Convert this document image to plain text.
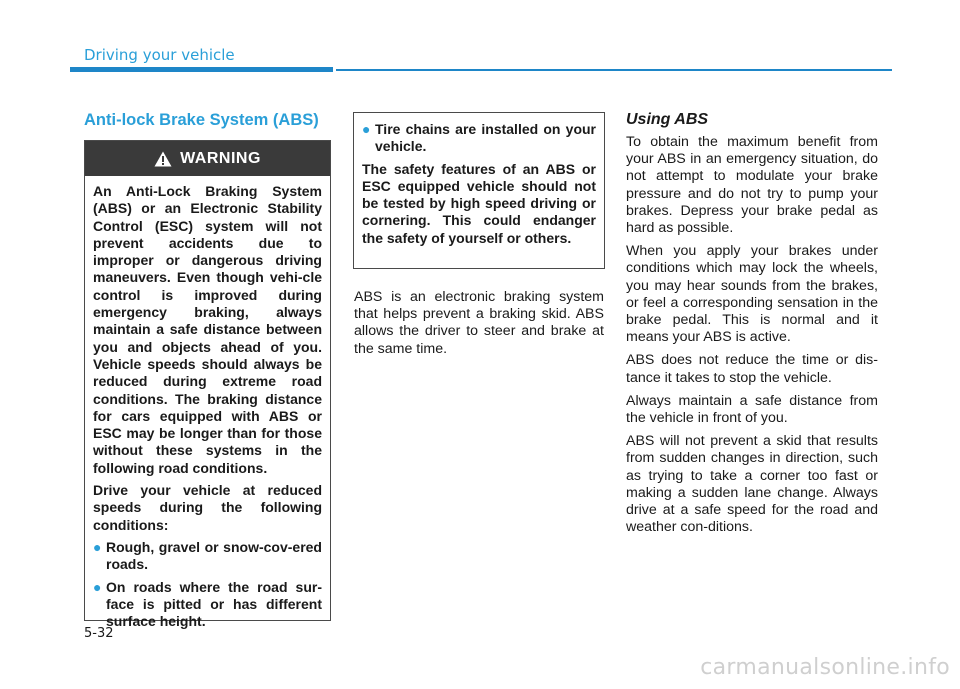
Driving your vehicle
Anti-lock Brake System (ABS)
WARNING

An Anti-Lock Braking System (ABS) or an Electronic Stability Control (ESC) system will not prevent accidents due to improper or dangerous driving maneuvers. Even though vehi-cle control is improved during emergency braking, always maintain a safe distance between you and objects ahead of you. Vehicle speeds should always be reduced during extreme road conditions. The braking distance for cars equipped with ABS or ESC may be longer than for those without these systems in the following road conditions.

Drive your vehicle at reduced speeds during the following conditions:

● Rough, gravel or snow-cov-ered roads.
● On roads where the road sur-face is pitted or has different surface height.
● Tire chains are installed on your vehicle.

The safety features of an ABS or ESC equipped vehicle should not be tested by high speed driving or cornering. This could endanger the safety of yourself or others.

ABS is an electronic braking system that helps prevent a braking skid. ABS allows the driver to steer and brake at the same time.

Using ABS

To obtain the maximum benefit from your ABS in an emergency situation, do not attempt to modulate your brake pressure and do not try to pump your brakes. Depress your brake pedal as hard as possible.

When you apply your brakes under conditions which may lock the wheels, you may hear sounds from the brakes, or feel a corresponding sensation in the brake pedal. This is normal and it means your ABS is active.

ABS does not reduce the time or dis-tance it takes to stop the vehicle.

Always maintain a safe distance from the vehicle in front of you.

ABS will not prevent a skid that results from sudden changes in direction, such as trying to take a corner too fast or making a sudden lane change. Always drive at a safe speed for the road and weather con-ditions.

5-32
carmanualsonline.info
